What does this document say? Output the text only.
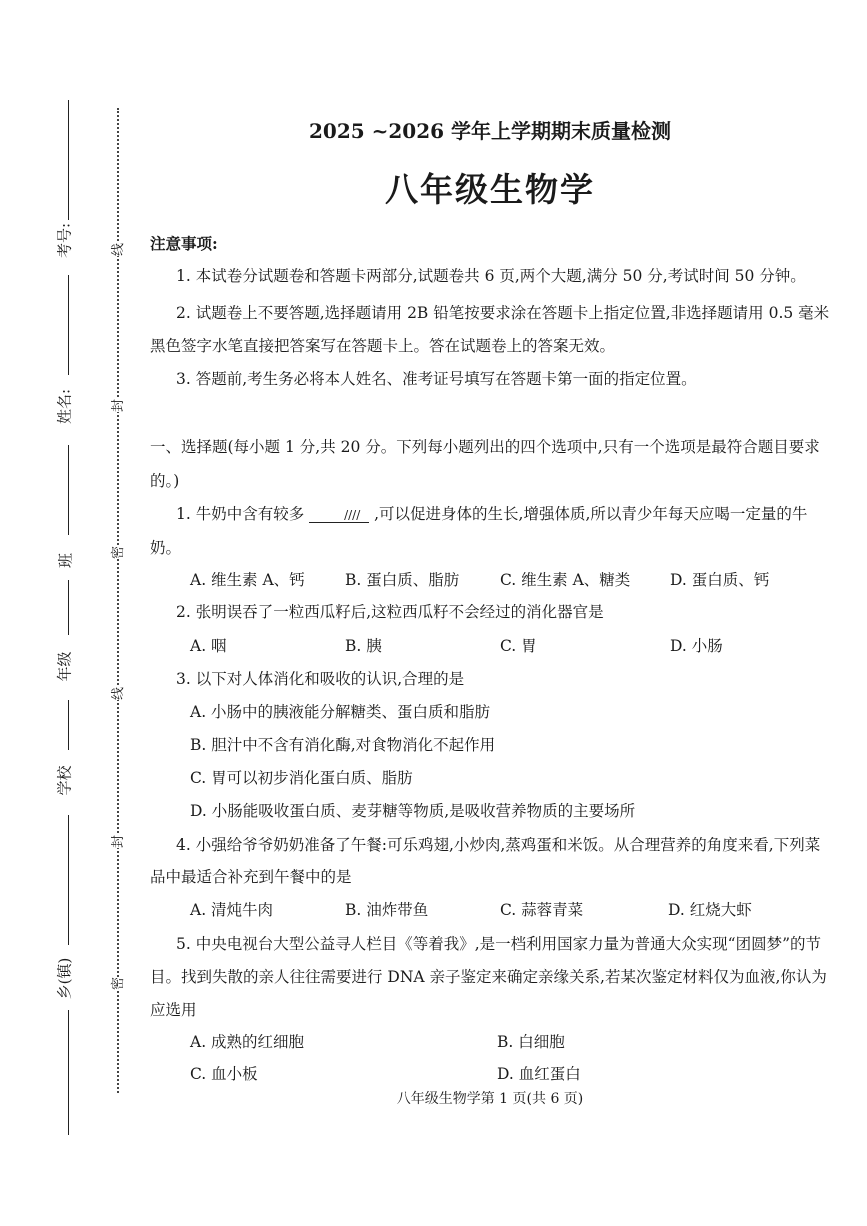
考号:
姓名:
班
年级
学校
乡(镇)
线
封
密
线
封
密
2025 ~2026 学年上学期期末质量检测
八年级生物学
注意事项:
1. 本试卷分试题卷和答题卡两部分,试题卷共 6 页,两个大题,满分 50 分,考试时间 50 分钟。
2. 试题卷上不要答题,选择题请用 2B 铅笔按要求涂在答题卡上指定位置,非选择题请用 0.5 毫米黑色签字水笔直接把答案写在答题卡上。答在试题卷上的答案无效。
3. 答题前,考生务必将本人姓名、准考证号填写在答题卡第一面的指定位置。
一、选择题(每小题 1 分,共 20 分。下列每小题列出的四个选项中,只有一个选项是最符合题目要求的。)
1. 牛奶中含有较多	//// ,可以促进身体的生长,增强体质,所以青少年每天应喝一定量的牛奶。
A. 维生素 A、钙	B. 蛋白质、脂肪	C. 维生素 A、糖类	D. 蛋白质、钙
2. 张明误吞了一粒西瓜籽后,这粒西瓜籽不会经过的消化器官是
A. 咽	B. 胰	C. 胃	D. 小肠
3. 以下对人体消化和吸收的认识,合理的是
A. 小肠中的胰液能分解糖类、蛋白质和脂肪
B. 胆汁中不含有消化酶,对食物消化不起作用
C. 胃可以初步消化蛋白质、脂肪
D. 小肠能吸收蛋白质、麦芽糖等物质,是吸收营养物质的主要场所
4. 小强给爷爷奶奶准备了午餐:可乐鸡翅,小炒肉,蒸鸡蛋和米饭。从合理营养的角度来看,下列菜品中最适合补充到午餐中的是
A. 清炖牛肉	B. 油炸带鱼	C. 蒜蓉青菜	D. 红烧大虾
5. 中央电视台大型公益寻人栏目《等着我》,是一档利用国家力量为普通大众实现“团圆梦”的节目。找到失散的亲人往往需要进行 DNA 亲子鉴定来确定亲缘关系,若某次鉴定材料仅为血液,你认为应选用
A. 成熟的红细胞	B. 白细胞
C. 血小板	D. 血红蛋白
八年级生物学第 1 页(共 6 页)
